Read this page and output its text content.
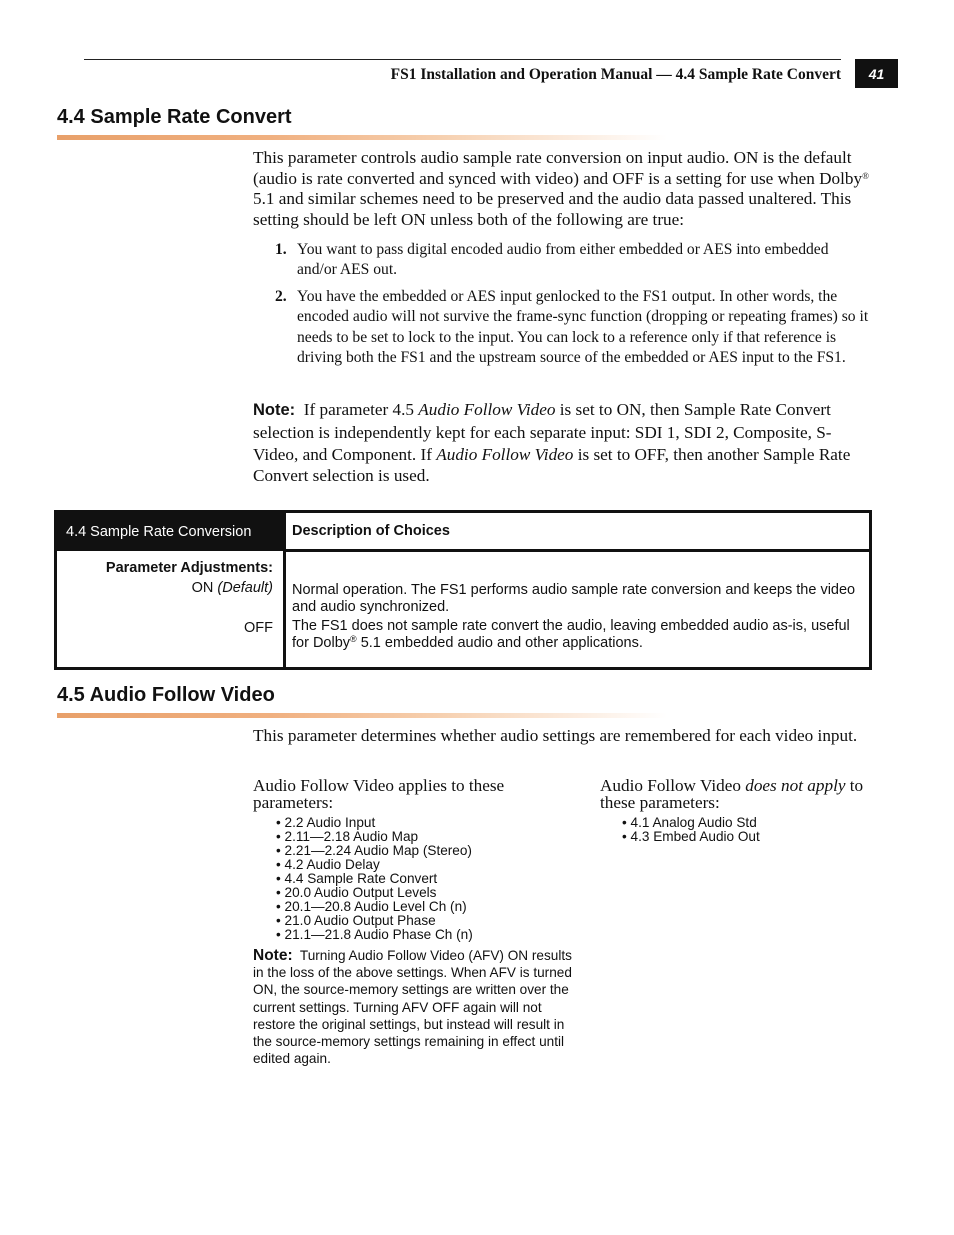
FS1 Installation and Operation Manual — 4.4 Sample Rate Convert	41
4.4 Sample Rate Convert

This parameter controls audio sample rate conversion on input audio. ON is the default (audio is rate converted and synced with video) and OFF is a setting for use when Dolby® 5.1 and similar schemes need to be preserved and the audio data passed unaltered. This setting should be left ON unless both of the following are true:

1. You want to pass digital encoded audio from either embedded or AES into embedded and/or AES out.
2. You have the embedded or AES input genlocked to the FS1 output. In other words, the encoded audio will not survive the frame-sync function (dropping or repeating frames) so it needs to be set to lock to the input. You can lock to a reference only if that reference is driving both the FS1 and the upstream source of the embedded or AES input to the FS1.
Note: If parameter 4.5 Audio Follow Video is set to ON, then Sample Rate Convert selection is independently kept for each separate input: SDI 1, SDI 2, Composite, S-Video, and Component. If Audio Follow Video is set to OFF, then another Sample Rate Convert selection is used.
4.4 Sample Rate Conversion	Description of Choices
Parameter Adjustments:
ON (Default)
OFF
Normal operation. The FS1 performs audio sample rate conversion and keeps the video and audio synchronized.
The FS1 does not sample rate convert the audio, leaving embedded audio as-is, useful for Dolby® 5.1 embedded audio and other applications.
4.5 Audio Follow Video
This parameter determines whether audio settings are remembered for each video input.
Audio Follow Video applies to these parameters:
• 2.2 Audio Input
• 2.11—2.18 Audio Map
• 2.21—2.24 Audio Map (Stereo)
• 4.2 Audio Delay
• 4.4 Sample Rate Convert
• 20.0 Audio Output Levels
• 20.1—20.8 Audio Level Ch (n)
• 21.0 Audio Output Phase
• 21.1—21.8 Audio Phase Ch (n)
Audio Follow Video does not apply to these parameters:
• 4.1 Analog Audio Std
• 4.3 Embed Audio Out
Note: Turning Audio Follow Video (AFV) ON results in the loss of the above settings. When AFV is turned ON, the source-memory settings are written over the current settings. Turning AFV OFF again will not restore the original settings, but instead will result in the source-memory settings remaining in effect until edited again.
